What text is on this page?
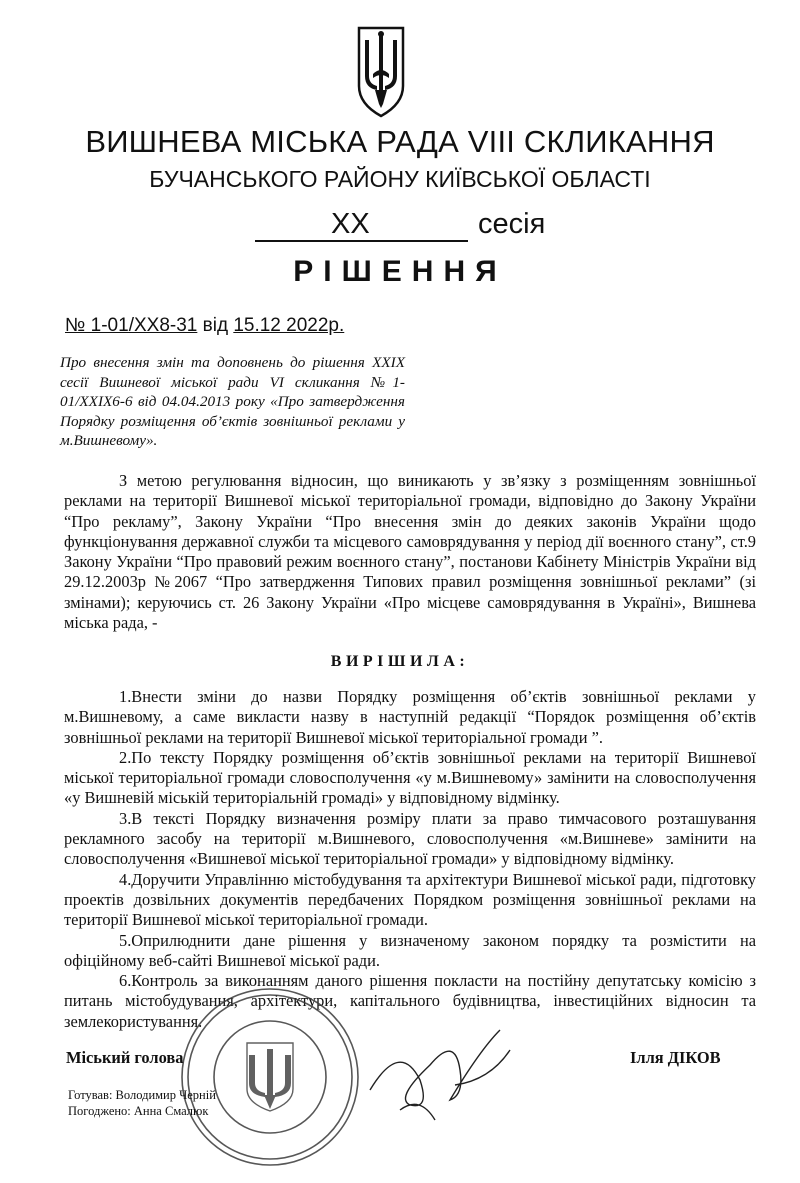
ВИШНЕВА МІСЬКА РАДА VIII СКЛИКАННЯ
БУЧАНСЬКОГО РАЙОНУ КИЇВСЬКОЇ ОБЛАСТІ
XX	сесія
РІШЕННЯ
№ 1-01/ХХ8-31 від 15.12 2022р.
Про внесення змін та доповнень до рішення XXIX сесії Вишневої міської ради VI скликання №1-01/XXIХ6-6 від 04.04.2013 року «Про затвердження Порядку розміщення об’єктів зовнішньої реклами у м.Вишневому».
З метою регулювання відносин, що виникають у зв’язку з розміщенням зовнішньої реклами на території Вишневої міської територіальної громади, відповідно до Закону України “Про рекламу”, Закону України “Про внесення змін до деяких законів України щодо функціонування державної служби та місцевого самоврядування у період дії воєнного стану”, ст.9 Закону України “Про правовий режим воєнного стану”, постанови Кабінету Міністрів України від 29.12.2003р №2067 “Про затвердження Типових правил розміщення зовнішньої реклами” (зі змінами); керуючись ст. 26 Закону України «Про місцеве самоврядування в Україні», Вишнева міська рада, -
ВИРІШИЛА:

1.Внести зміни до назви Порядку розміщення об’єктів зовнішньої реклами у м.Вишневому, а саме викласти назву в наступній редакції “Порядок розміщення об’єктів зовнішньої реклами на території Вишневої міської територіальної громади ”.

2.По тексту Порядку розміщення об’єктів зовнішньої реклами на території Вишневої міської територіальної громади словосполучення «у м.Вишневому» замінити на словосполучення «у Вишневій міській територіальній громаді» у відповідному відмінку.

3.В тексті Порядку визначення розміру плати за право тимчасового розташування рекламного засобу на території м.Вишневого, словосполучення «м.Вишневе» замінити на словосполучення «Вишневої міської територіальної громади» у відповідному відмінку.

4.Доручити Управлінню містобудування та архітектури Вишневої міської ради, підготовку проектів дозвільних документів передбачених Порядком розміщення зовнішньої реклами на території Вишневої міської територіальної громади.

5.Оприлюднити дане рішення у визначеному законом порядку та розмістити на офіційному веб-сайті Вишневої міської ради.

6.Контроль за виконанням даного рішення покласти на постійну депутатську комісію з питань містобудування, архітектури, капітального будівництва, інвестиційних відносин та землекористування.

Міський голова	Ілля ДІКОВ
Готував: Володимир Черній
Погоджено: Анна Смалюк
